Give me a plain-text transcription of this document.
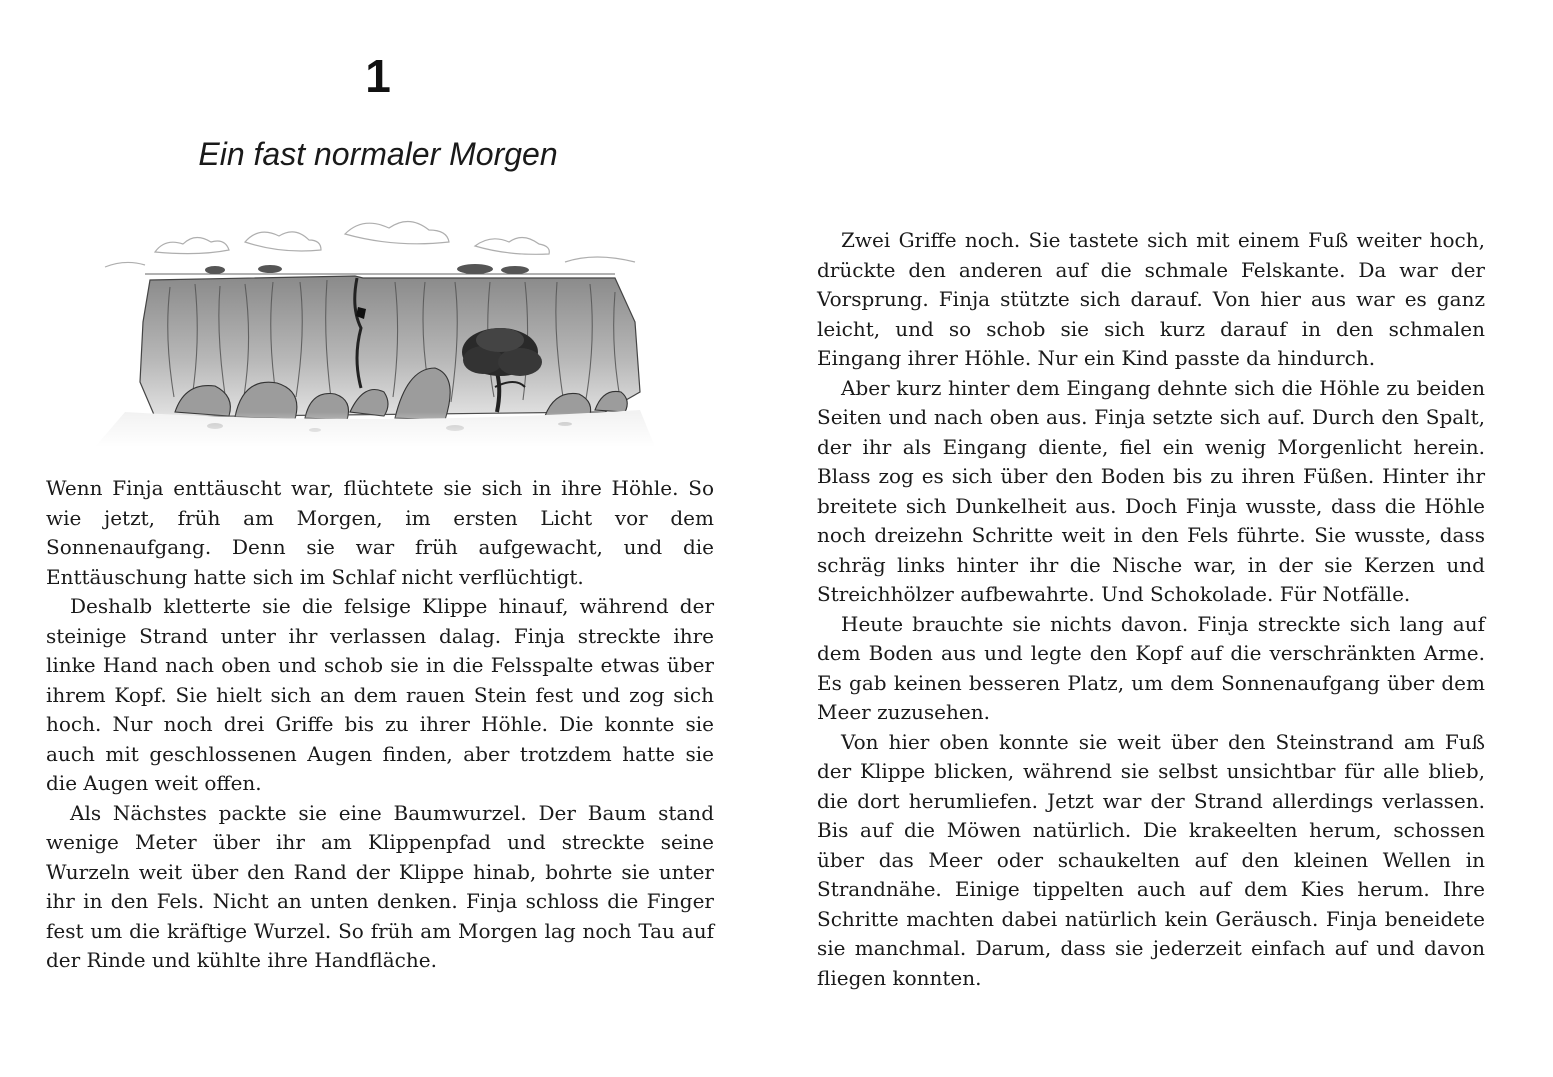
1
Ein fast normaler Morgen

Wenn Finja enttäuscht war, flüchtete sie sich in ihre Höhle. So wie jetzt, früh am Morgen, im ersten Licht vor dem Sonnenaufgang. Denn sie war früh aufgewacht, und die Enttäuschung hatte sich im Schlaf nicht verflüchtigt.

Deshalb kletterte sie die felsige Klippe hinauf, während der steinige Strand unter ihr verlassen dalag. Finja streckte ihre linke Hand nach oben und schob sie in die Felsspalte etwas über ihrem Kopf. Sie hielt sich an dem rauen Stein fest und zog sich hoch. Nur noch drei Griffe bis zu ihrer Höhle. Die konnte sie auch mit geschlossenen Augen finden, aber trotzdem hatte sie die Augen weit offen.

Als Nächstes packte sie eine Baumwurzel. Der Baum stand wenige Meter über ihr am Klippenpfad und streckte seine Wurzeln weit über den Rand der Klippe hinab, bohrte sie unter ihr in den Fels. Nicht an unten denken. Finja schloss die Finger fest um die kräftige Wurzel. So früh am Morgen lag noch Tau auf der Rinde und kühlte ihre Handfläche.

Zwei Griffe noch. Sie tastete sich mit einem Fuß weiter hoch, drückte den anderen auf die schmale Felskante. Da war der Vorsprung. Finja stützte sich darauf. Von hier aus war es ganz leicht, und so schob sie sich kurz darauf in den schmalen Eingang ihrer Höhle. Nur ein Kind passte da hindurch.

Aber kurz hinter dem Eingang dehnte sich die Höhle zu beiden Seiten und nach oben aus. Finja setzte sich auf. Durch den Spalt, der ihr als Eingang diente, fiel ein wenig Morgenlicht herein. Blass zog es sich über den Boden bis zu ihren Füßen. Hinter ihr breitete sich Dunkelheit aus. Doch Finja wusste, dass die Höhle noch dreizehn Schritte weit in den Fels führte. Sie wusste, dass schräg links hinter ihr die Nische war, in der sie Kerzen und Streichhölzer aufbewahrte. Und Schokolade. Für Notfälle.

Heute brauchte sie nichts davon. Finja streckte sich lang auf dem Boden aus und legte den Kopf auf die verschränkten Arme. Es gab keinen besseren Platz, um dem Sonnenaufgang über dem Meer zuzusehen.

Von hier oben konnte sie weit über den Steinstrand am Fuß der Klippe blicken, während sie selbst unsichtbar für alle blieb, die dort herumliefen. Jetzt war der Strand allerdings verlassen. Bis auf die Möwen natürlich. Die krakeelten herum, schossen über das Meer oder schaukelten auf den kleinen Wellen in Strandnähe. Einige tippelten auch auf dem Kies herum. Ihre Schritte machten dabei natürlich kein Geräusch. Finja beneidete sie manchmal. Darum, dass sie jederzeit einfach auf und davon fliegen konnten.
